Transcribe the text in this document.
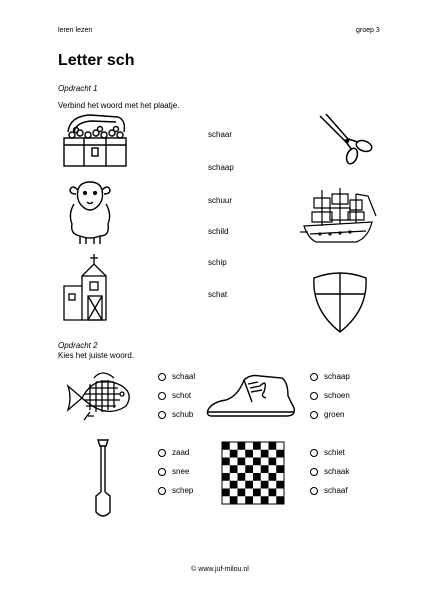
leren lezen	groep 3
Letter sch
Opdracht 1
Verbind het woord met het plaatje.
schaar
schaap
schuur
schild
schip
schat
Opdracht 2
Kies het juiste woord.
schaal
schot
schub
schaap
schoen
groen
zaad
snee
schep
schiet
schaak
schaaf
© www.juf-milou.nl
